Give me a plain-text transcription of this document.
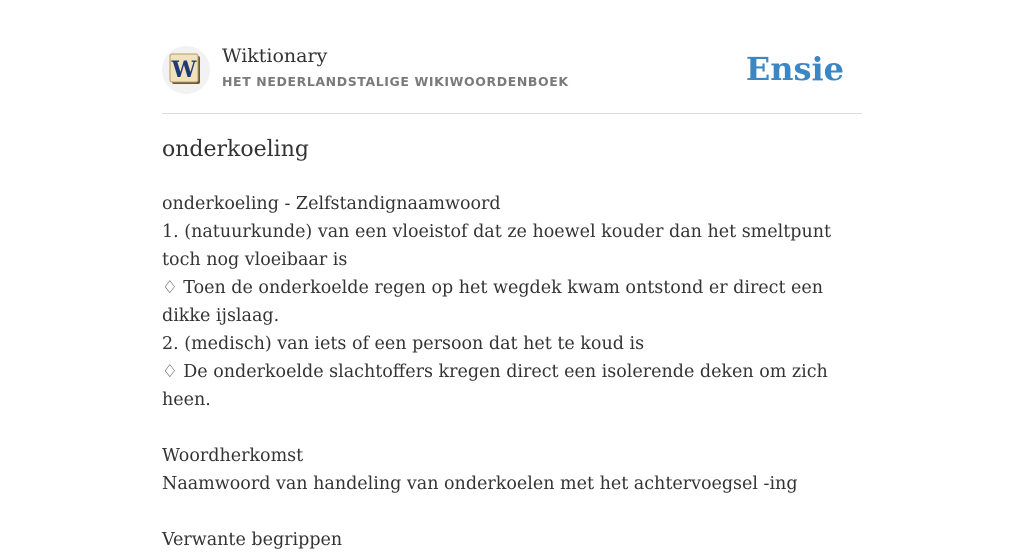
W
Wiktionary
HET NEDERLANDSTALIGE WIKIWOORDENBOEK	Ensie
onderkoeling

onderkoeling - Zelfstandignaamwoord

1. (natuurkunde) van een vloeistof dat ze hoewel kouder dan het smeltpunt toch nog vloeibaar is

♢ Toen de onderkoelde regen op het wegdek kwam ontstond er direct een dikke ijslaag.

2. (medisch) van iets of een persoon dat het te koud is

♢ De onderkoelde slachtoffers kregen direct een isolerende deken om zich heen.

Woordherkomst

Naamwoord van handeling van onderkoelen met het achtervoegsel -ing

Verwante begrippen
